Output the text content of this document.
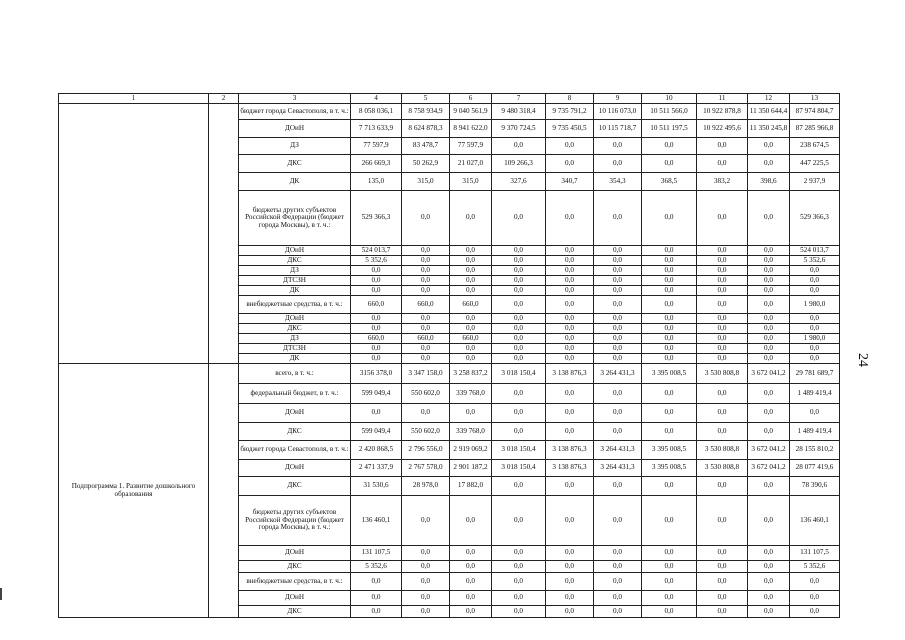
1	2	3	4	5	6	7	8	9	10	11	12	13
		бюджет города Севастополя, в т. ч.:	8 058 036,1	8 758 934,9	9 040 561,9	9 480 318,4	9 735 791,2	10 116 073,0	10 511 566,0	10 922 878,8	11 350 644,4	87 974 804,7
		ДОиН	7 713 633,9	8 624 878,3	8 941 622,0	9 370 724,5	9 735 450,5	10 115 718,7	10 511 197,5	10 922 495,6	11 350 245,8	87 285 966,8
		ДЗ	77 597,9	83 478,7	77 597,9	0,0	0,0	0,0	0,0	0,0	0,0	238 674,5
		ДКС	266 669,3	50 262,9	21 027,0	109 266,3	0,0	0,0	0,0	0,0	0,0	447 225,5
		ДК	135,0	315,0	315,0	327,6	340,7	354,3	368,5	383,2	398,6	2 937,9
		бюджеты других субъектов Российской Федерации (бюджет города Москвы), в т. ч.:	529 366,3	0,0	0,0	0,0	0,0	0,0	0,0	0,0	0,0	529 366,3
		ДОиН	524 013,7	0,0	0,0	0,0	0,0	0,0	0,0	0,0	0,0	524 013,7
		ДКС	5 352,6	0,0	0,0	0,0	0,0	0,0	0,0	0,0	0,0	5 352,6
		ДЗ	0,0	0,0	0,0	0,0	0,0	0,0	0,0	0,0	0,0	0,0
		ДТСЗН	0,0	0,0	0,0	0,0	0,0	0,0	0,0	0,0	0,0	0,0
		ДК	0,0	0,0	0,0	0,0	0,0	0,0	0,0	0,0	0,0	0,0
		внебюджетные средства, в т. ч.:	660,0	660,0	660,0	0,0	0,0	0,0	0,0	0,0	0,0	1 980,0
		ДОиН	0,0	0,0	0,0	0,0	0,0	0,0	0,0	0,0	0,0	0,0
		ДКС	0,0	0,0	0,0	0,0	0,0	0,0	0,0	0,0	0,0	0,0
		ДЗ	660,0	660,0	660,0	0,0	0,0	0,0	0,0	0,0	0,0	1 980,0
		ДТСЗН	0,0	0,0	0,0	0,0	0,0	0,0	0,0	0,0	0,0	0,0
		ДК	0,0	0,0	0,0	0,0	0,0	0,0	0,0	0,0	0,0	0,0
Подпрограмма 1. Развитие дошкольного образования		всего, в т. ч.:	3156 378,0	3 347 158,0	3 258 837,2	3 018 150,4	3 138 876,3	3 264 431,3	3 395 008,5	3 530 808,8	3 672 041,2	29 781 689,7
		федеральный бюджет, в т. ч.:	599 049,4	550 602,0	339 768,0	0,0	0,0	0,0	0,0	0,0	0,0	1 489 419,4
		ДОиН	0,0	0,0	0,0	0,0	0,0	0,0	0,0	0,0	0,0	0,0
		ДКС	599 049,4	550 602,0	339 768,0	0,0	0,0	0,0	0,0	0,0	0,0	1 489 419,4
		бюджет города Севастополя, в т. ч.:	2 420 868,5	2 796 556,0	2 919 069,2	3 018 150,4	3 138 876,3	3 264 431,3	3 395 008,5	3 530 808,8	3 672 041,2	28 155 810,2
		ДОиН	2 471 337,9	2 767 578,0	2 901 187,2	3 018 150,4	3 138 876,3	3 264 431,3	3 395 008,5	3 530 808,8	3 672 041,2	28 077 419,6
		ДКС	31 530,6	28 978,0	17 882,0	0,0	0,0	0,0	0,0	0,0	0,0	78 390,6
		бюджеты других субъектов Российской Федерации (бюджет города Москвы), в т. ч.:	136 460,1	0,0	0,0	0,0	0,0	0,0	0,0	0,0	0,0	136 460,1
		ДОиН	131 107,5	0,0	0,0	0,0	0,0	0,0	0,0	0,0	0,0	131 107,5
		ДКС	5 352,6	0,0	0,0	0,0	0,0	0,0	0,0	0,0	0,0	5 352,6
		внебюджетные средства, в т. ч.:	0,0	0,0	0,0	0,0	0,0	0,0	0,0	0,0	0,0	0,0
		ДОиН	0,0	0,0	0,0	0,0	0,0	0,0	0,0	0,0	0,0	0,0
		ДКС	0,0	0,0	0,0	0,0	0,0	0,0	0,0	0,0	0,0	0,0
24
